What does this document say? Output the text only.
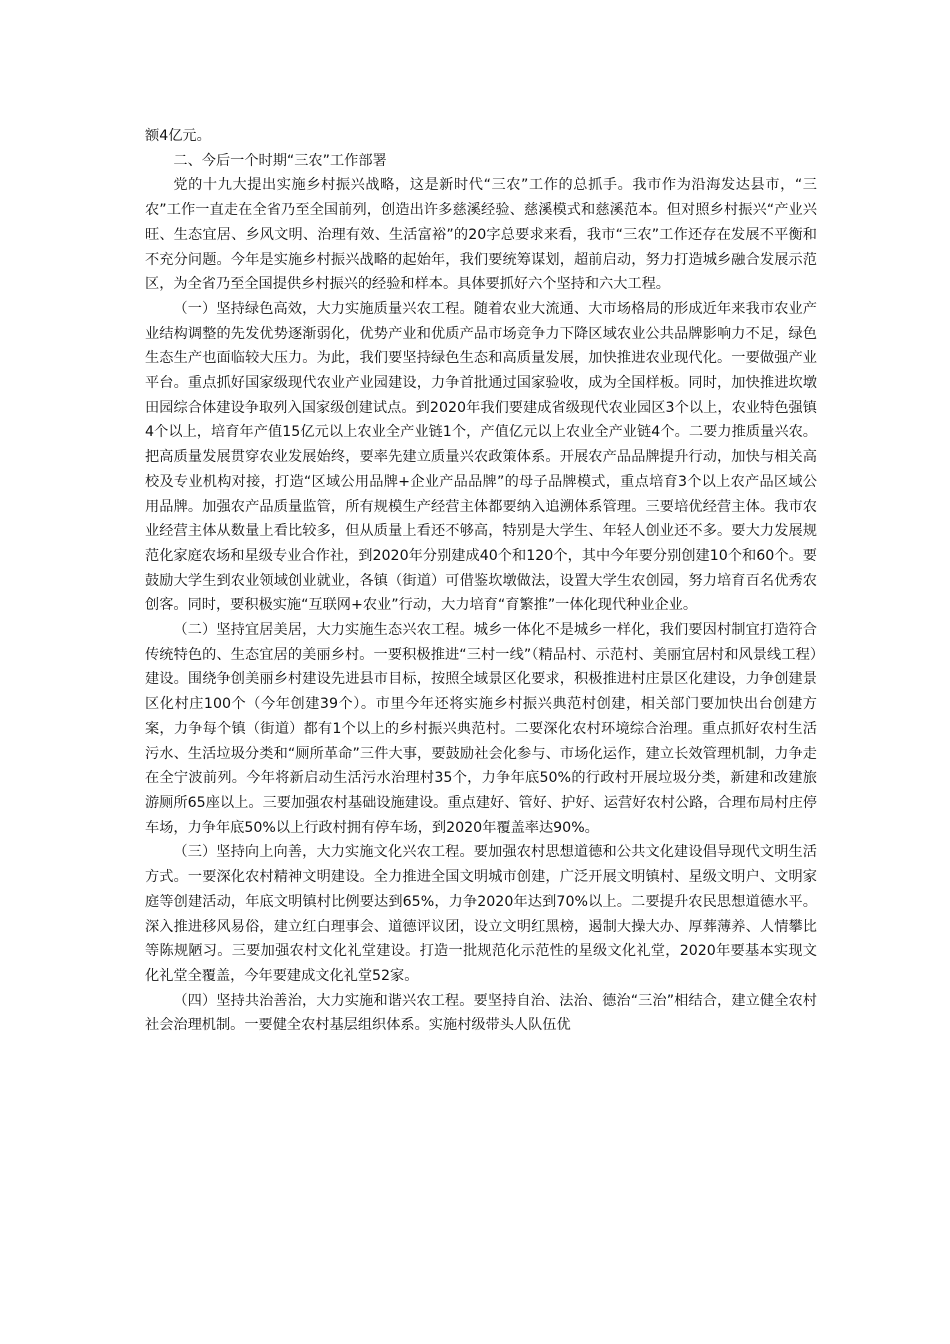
额4亿元。

二、今后一个时期“三农”工作部署

党的十九大提出实施乡村振兴战略，这是新时代“三农”工作的总抓手。我市作为沿海发达县市，“三农”工作一直走在全省乃至全国前列，创造出许多慈溪经验、慈溪模式和慈溪范本。但对照乡村振兴“产业兴旺、生态宜居、乡风文明、治理有效、生活富裕”的20字总要求来看，我市“三农”工作还存在发展不平衡和不充分问题。今年是实施乡村振兴战略的起始年，我们要统筹谋划，超前启动，努力打造城乡融合发展示范区，为全省乃至全国提供乡村振兴的经验和样本。具体要抓好六个坚持和六大工程。

（一）坚持绿色高效，大力实施质量兴农工程。随着农业大流通、大市场格局的形成近年来我市农业产业结构调整的先发优势逐渐弱化，优势产业和优质产品市场竞争力下降区域农业公共品牌影响力不足，绿色生态生产也面临较大压力。为此，我们要坚持绿色生态和高质量发展，加快推进农业现代化。一要做强产业平台。重点抓好国家级现代农业产业园建设，力争首批通过国家验收，成为全国样板。同时，加快推进坎墩田园综合体建设争取列入国家级创建试点。到2020年我们要建成省级现代农业园区3个以上，农业特色强镇4个以上，培育年产值15亿元以上农业全产业链1个，产值亿元以上农业全产业链4个。二要力推质量兴农。把高质量发展贯穿农业发展始终，要率先建立质量兴农政策体系。开展农产品品牌提升行动，加快与相关高校及专业机构对接，打造“区域公用品牌+企业产品品牌”的母子品牌模式，重点培育3个以上农产品区域公用品牌。加强农产品质量监管，所有规模生产经营主体都要纳入追溯体系管理。三要培优经营主体。我市农业经营主体从数量上看比较多，但从质量上看还不够高，特别是大学生、年轻人创业还不多。要大力发展规范化家庭农场和星级专业合作社，到2020年分别建成40个和120个，其中今年要分别创建10个和60个。要鼓励大学生到农业领域创业就业，各镇（街道）可借鉴坎墩做法，设置大学生农创园，努力培育百名优秀农创客。同时，要积极实施“互联网+农业”行动，大力培育“育繁推”一体化现代种业企业。

（二）坚持宜居美居，大力实施生态兴农工程。城乡一体化不是城乡一样化，我们要因村制宜打造符合传统特色的、生态宜居的美丽乡村。一要积极推进“三村一线”（精品村、示范村、美丽宜居村和风景线工程）建设。围绕争创美丽乡村建设先进县市目标，按照全域景区化要求，积极推进村庄景区化建设，力争创建景区化村庄100个（今年创建39个）。市里今年还将实施乡村振兴典范村创建，相关部门要加快出台创建方案，力争每个镇（街道）都有1个以上的乡村振兴典范村。二要深化农村环境综合治理。重点抓好农村生活污水、生活垃圾分类和“厕所革命”三件大事，要鼓励社会化参与、市场化运作，建立长效管理机制，力争走在全宁波前列。今年将新启动生活污水治理村35个，力争年底50%的行政村开展垃圾分类，新建和改建旅游厕所65座以上。三要加强农村基础设施建设。重点建好、管好、护好、运营好农村公路，合理布局村庄停车场，力争年底50%以上行政村拥有停车场，到2020年覆盖率达90%。

（三）坚持向上向善，大力实施文化兴农工程。要加强农村思想道德和公共文化建设倡导现代文明生活方式。一要深化农村精神文明建设。全力推进全国文明城市创建，广泛开展文明镇村、星级文明户、文明家庭等创建活动，年底文明镇村比例要达到65%，力争2020年达到70%以上。二要提升农民思想道德水平。深入推进移风易俗，建立红白理事会、道德评议团，设立文明红黑榜，遏制大操大办、厚葬薄养、人情攀比等陈规陋习。三要加强农村文化礼堂建设。打造一批规范化示范性的星级文化礼堂，2020年要基本实现文化礼堂全覆盖，今年要建成文化礼堂52家。

（四）坚持共治善治，大力实施和谐兴农工程。要坚持自治、法治、德治“三治”相结合，建立健全农村社会治理机制。一要健全农村基层组织体系。实施村级带头人队伍优
